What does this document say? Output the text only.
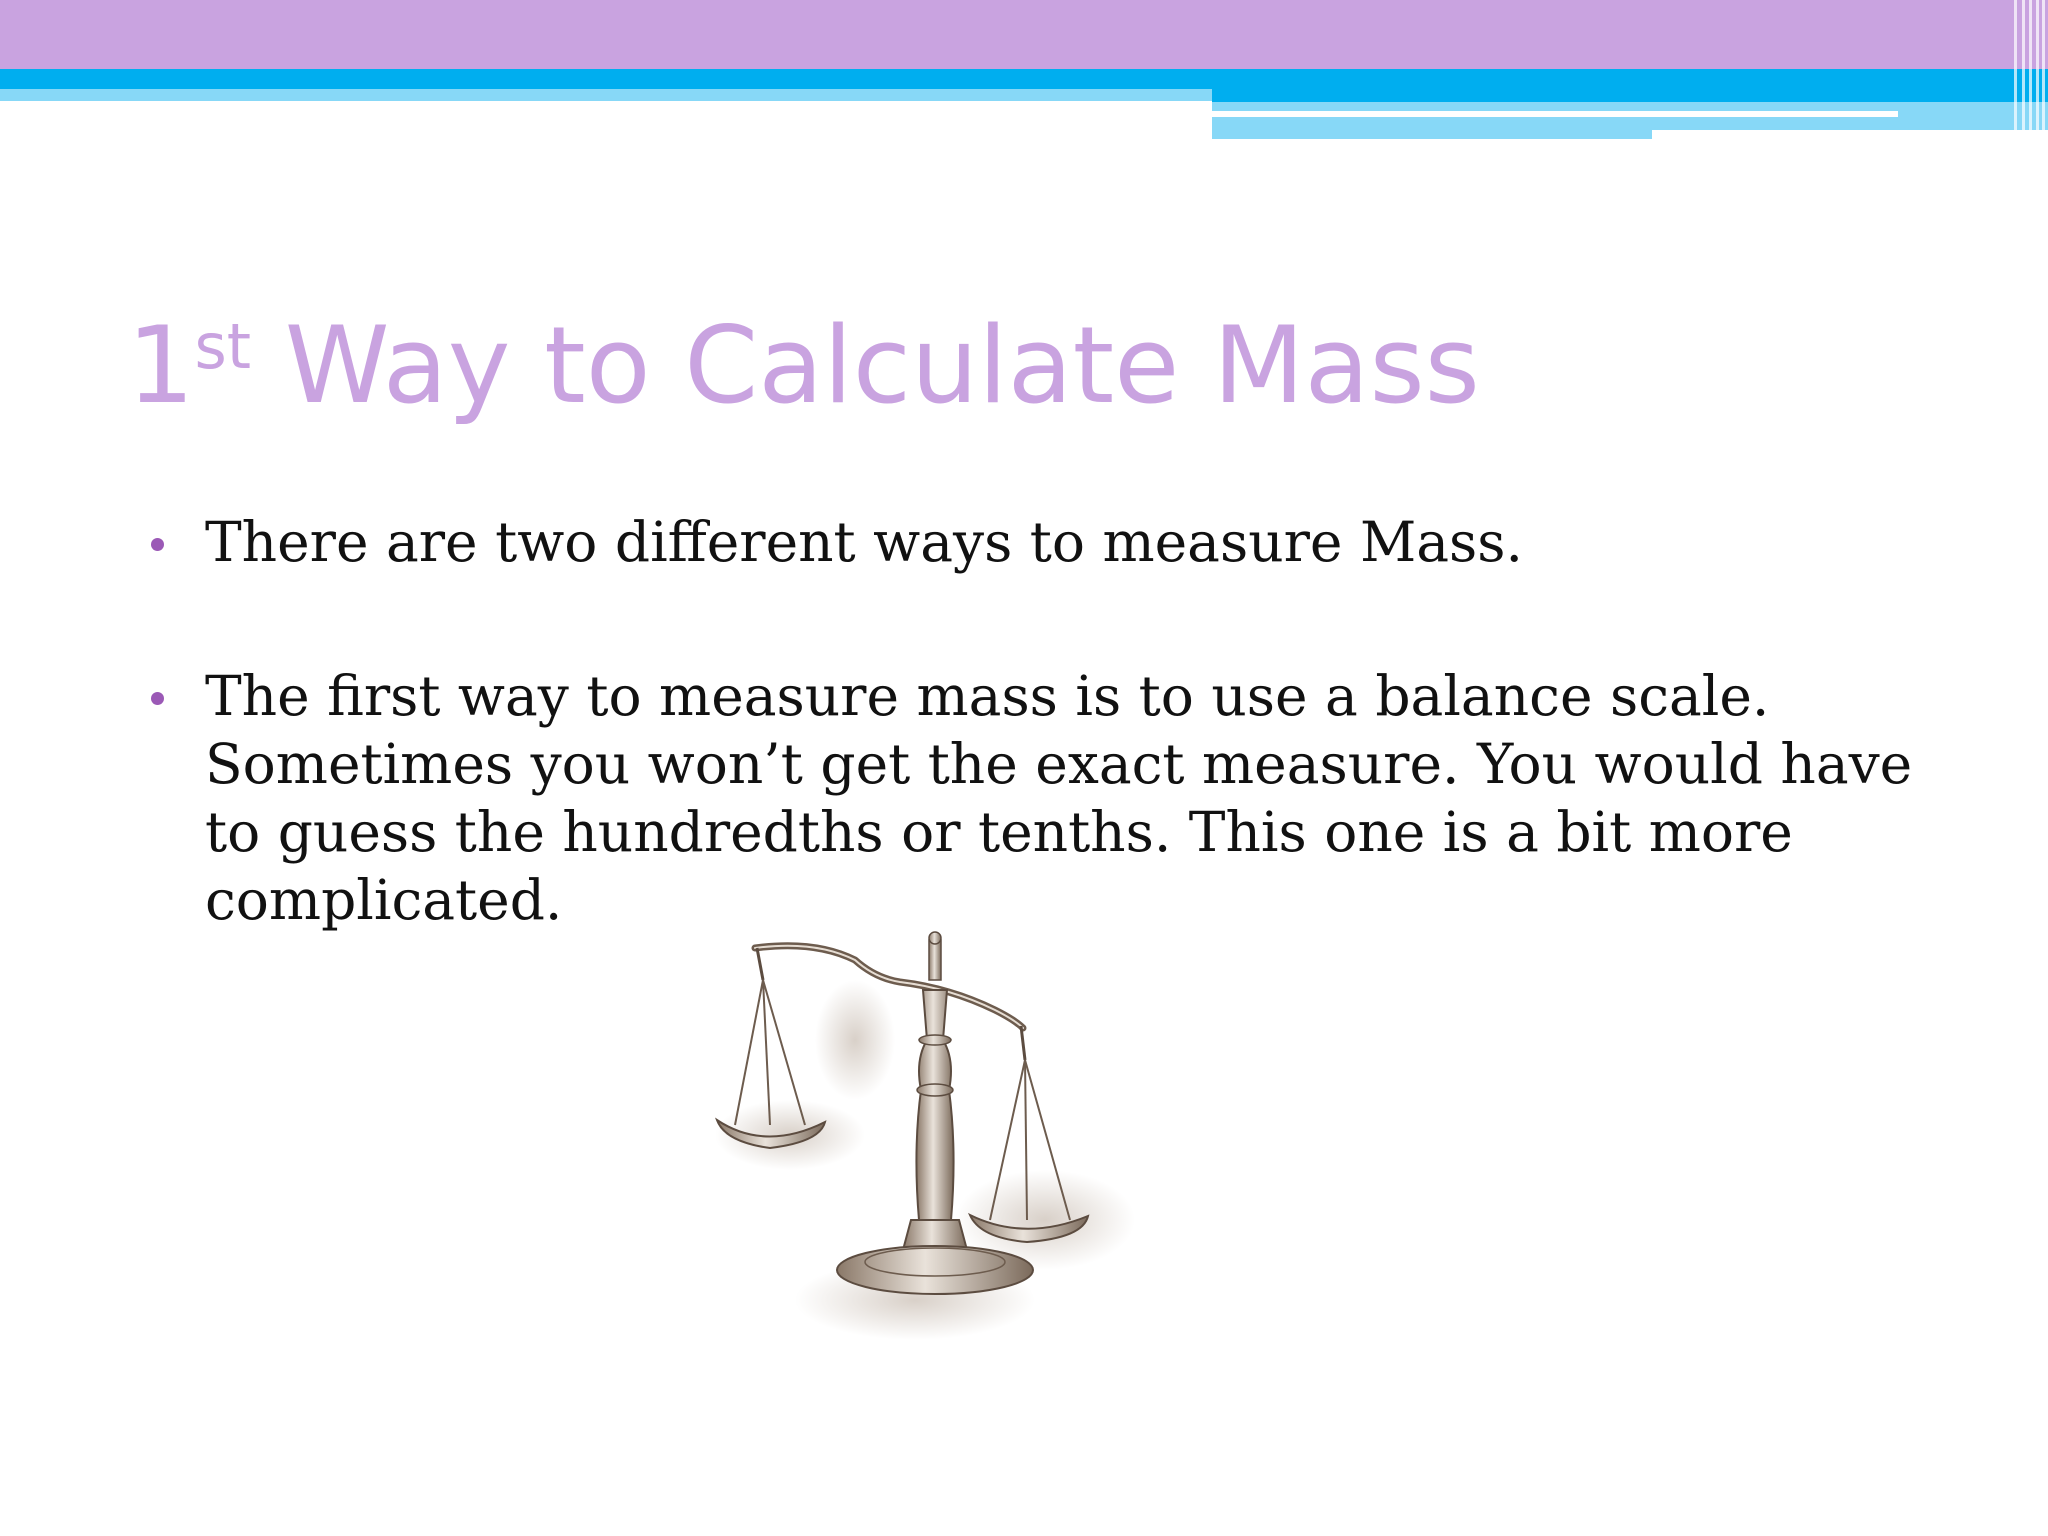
1st Way to Calculate Mass
There are two different ways to measure Mass.
The first way to measure mass is to use a balance scale. Sometimes you won’t get the exact measure. You would have to guess the hundredths or tenths. This one is a bit more complicated.
